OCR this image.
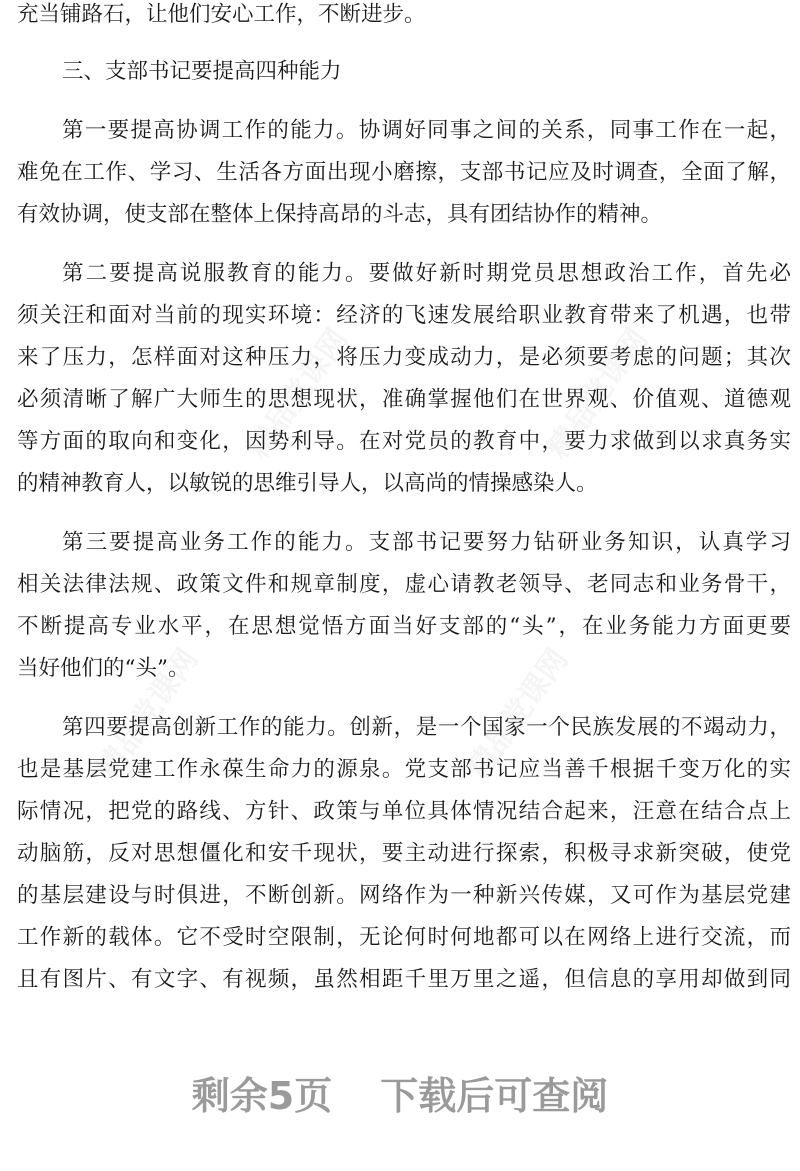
充当铺路石，让他们安心工作，不断进步。
三、支部书记要提高四种能力
第一要提高协调工作的能力。协调好同事之间的关系，同事工作在一起，
难免在工作、学习、生活各方面出现小磨擦，支部书记应及时调查，全面了解，
有效协调，使支部在整体上保持高昂的斗志，具有团结协作的精神。
第二要提高说服教育的能力。要做好新时期党员思想政治工作，首先必
须关汪和面对当前的现实环境：经济的飞速发展给职业教育带来了机遇，也带
来了压力，怎样面对这种压力，将压力变成动力，是必须要考虑的问题；其次
必须清晰了解广大师生的思想现状，准确掌握他们在世界观、价值观、道德观
等方面的取向和变化，因势利导。在对党员的教育中，要力求做到以求真务实
的精神教育人，以敏锐的思维引导人，以高尚的情操感染人。
第三要提高业务工作的能力。支部书记要努力钻研业务知识，认真学习
相关法律法规、政策文件和规章制度，虚心请教老领导、老同志和业务骨干，
不断提高专业水平，在思想觉悟方面当好支部的“头”，在业务能力方面更要
当好他们的“头”。
第四要提高创新工作的能力。创新，是一个国家一个民族发展的不竭动力，
也是基层党建工作永葆生命力的源泉。党支部书记应当善千根据千变万化的实
际情况，把党的路线、方针、政策与单位具体情况结合起来，汪意在结合点上
动脑筋，反对思想僵化和安千现状，要主动进行探索，积极寻求新突破，使党
的基层建设与时俱进，不断创新。网络作为一种新兴传媒，又可作为基层党建
工作新的载体。它不受时空限制，无论何时何地都可以在网络上进行交流，而
且有图片、有文字、有视频，虽然相距千里万里之遥，但信息的享用却做到同
剩余5页 下载后可查阅
